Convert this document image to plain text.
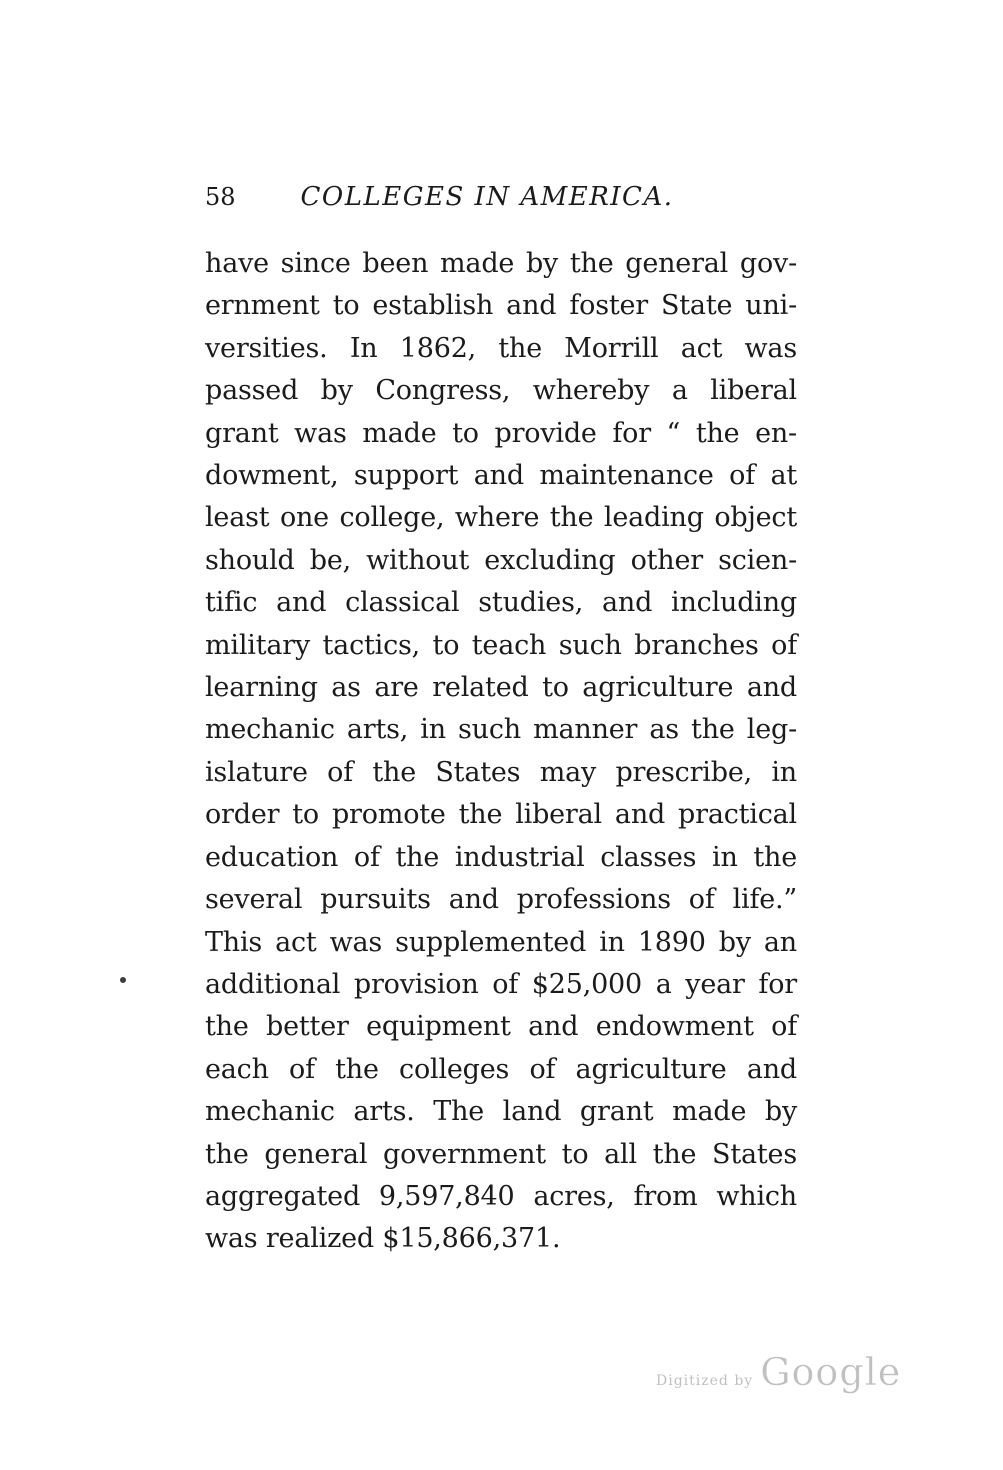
58	COLLEGES IN AMERICA.
have since been made by the general gov-
ernment to establish and foster State uni-
versities. In 1862, the Morrill act was
passed by Congress, whereby a liberal
grant was made to provide for “ the en-
dowment, support and maintenance of at
least one college, where the leading object
should be, without excluding other scien-
tific and classical studies, and including
military tactics, to teach such branches of
learning as are related to agriculture and
mechanic arts, in such manner as the leg-
islature of the States may prescribe, in
order to promote the liberal and practical
education of the industrial classes in the
several pursuits and professions of life.”
This act was supplemented in 1890 by an
additional provision of $25,000 a year for
the better equipment and endowment of
each of the colleges of agriculture and
mechanic arts. The land grant made by
the general government to all the States
aggregated 9,597,840 acres, from which
was realized $15,866,371.
Digitized by Google
